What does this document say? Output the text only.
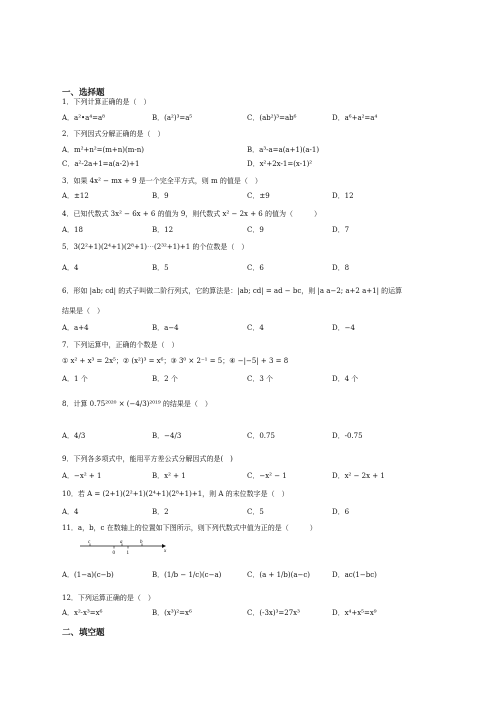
一、选择题
1．下列计算正确的是（　）
A．a²•a⁴=a⁸	B．(a²)³=a⁵	C．(ab²)³=ab⁶	D．a⁶+a²=a⁴
2．下列因式分解正确的是（　）
A．m²+n²=(m+n)(m-n)	B．a³-a=a(a+1)(a-1)
C．a²-2a+1=a(a-2)+1	D．x²+2x-1=(x-1)²
3．如果 4x² − mx + 9 是一个完全平方式，则 m 的值是（　）
A．±12	B．9	C．±9	D．12
4．已知代数式 3x² − 6x + 6 的值为 9，则代数式 x² − 2x + 6 的值为（　　　）
A．18	B．12	C．9	D．7
5．3(2²+1)(2⁴+1)(2⁸+1)⋯(2³²+1)+1 的个位数是（　）
A．4	B．5	C．6	D．8
6．形如 |ab; cd| 的式子叫做二阶行列式，它的算法是：|ab; cd| = ad − bc，则 |a a−2; a+2 a+1| 的运算
结果是（　）
A．a+4	B．a−4	C．4	D．−4
7．下列运算中，正确的个数是（　）
① x² + x³ = 2x⁵；② (x²)³ = x⁶；③ 3⁰ × 2⁻¹ = 5；④ −|−5| + 3 = 8
A．1 个	B．2 个	C．3 个	D．4 个
8．计算 0.75²⁰²⁰ × (−4/3)²⁰¹⁹ 的结果是（　）
A．4/3	B．−4/3	C．0.75	D．-0.75
9．下列各多项式中，能用平方差公式分解因式的是(　)
A．−x² + 1	B．x² + 1	C．−x² − 1	D．x² − 2x + 1
10．若 A = (2+1)(2²+1)(2⁴+1)(2⁸+1)+1，则 A 的末位数字是（　）
A．4	B．2	C．5	D．6
11．a，b，c 在数轴上的位置如下图所示，则下列代数式中值为正的是（　　　）
c	a	b
0 1	x
A．(1−a)(c−b)	B．(1/b − 1/c)(c−a)	C．(a + 1/b)(a−c)	D．ac(1−bc)
12．下列运算正确的是（　）
A．x²·x³=x⁶	B．(x³)²=x⁶	C．(-3x)³=27x³	D．x⁴+x⁵=x⁹
二、填空题
